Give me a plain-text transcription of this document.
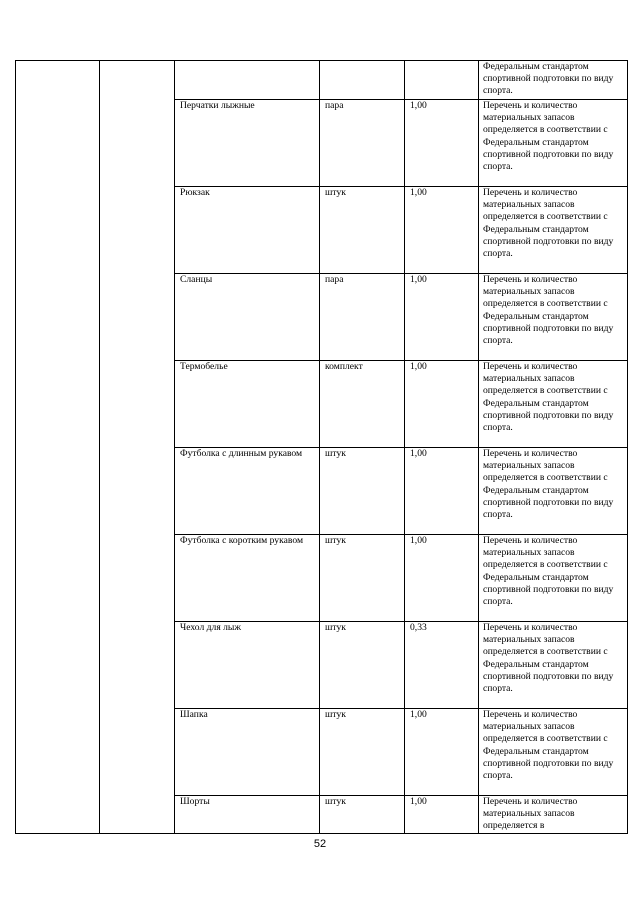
					Федеральным стандартом спортивной подготовки по виду спорта.
		Перчатки лыжные	пара	1,00	Перечень и количество материальных запасов определяется в соответствии с Федеральным стандартом спортивной подготовки по виду спорта.
		Рюкзак	штук	1,00	Перечень и количество материальных запасов определяется в соответствии с Федеральным стандартом спортивной подготовки по виду спорта.
		Сланцы	пара	1,00	Перечень и количество материальных запасов определяется в соответствии с Федеральным стандартом спортивной подготовки по виду спорта.
		Термобелье	комплект	1,00	Перечень и количество материальных запасов определяется в соответствии с Федеральным стандартом спортивной подготовки по виду спорта.
		Футболка с длинным рукавом	штук	1,00	Перечень и количество материальных запасов определяется в соответствии с Федеральным стандартом спортивной подготовки по виду спорта.
		Футболка с коротким рукавом	штук	1,00	Перечень и количество материальных запасов определяется в соответствии с Федеральным стандартом спортивной подготовки по виду спорта.
		Чехол для лыж	штук	0,33	Перечень и количество материальных запасов определяется в соответствии с Федеральным стандартом спортивной подготовки по виду спорта.
		Шапка	штук	1,00	Перечень и количество материальных запасов определяется в соответствии с Федеральным стандартом спортивной подготовки по виду спорта.
		Шорты	штук	1,00	Перечень и количество материальных запасов определяется в
52
